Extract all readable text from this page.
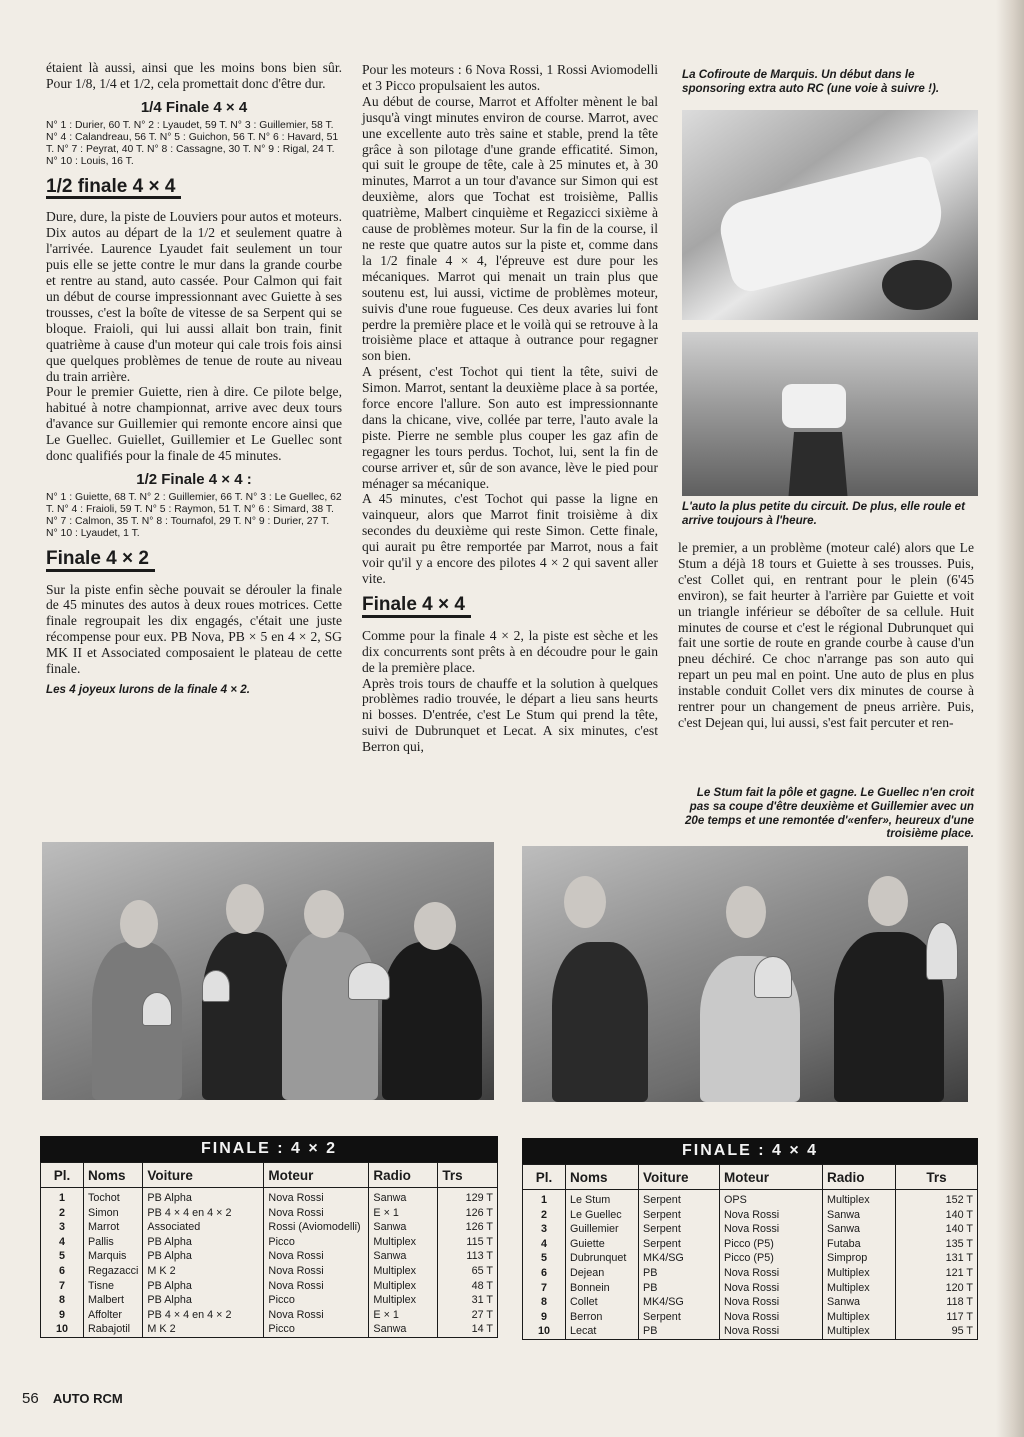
étaient là aussi, ainsi que les moins bons bien sûr. Pour 1/8, 1/4 et 1/2, cela promettait donc d'être dur.

1/4 Finale 4 × 4

N° 1 : Durier, 60 T. N° 2 : Lyaudet, 59 T. N° 3 : Guillemier, 58 T. N° 4 : Calandreau, 56 T. N° 5 : Guichon, 56 T. N° 6 : Havard, 51 T. N° 7 : Peyrat, 40 T. N° 8 : Cassagne, 30 T. N° 9 : Rigal, 24 T. N° 10 : Louis, 16 T.

1/2 finale 4 × 4

Dure, dure, la piste de Louviers pour autos et moteurs. Dix autos au départ de la 1/2 et seulement quatre à l'arrivée. Laurence Lyaudet fait seulement un tour puis elle se jette contre le mur dans la grande courbe et rentre au stand, auto cassée. Pour Calmon qui fait un début de course impressionnant avec Guiette à ses trousses, c'est la boîte de vitesse de sa Serpent qui se bloque. Fraioli, qui lui aussi allait bon train, finit quatrième à cause d'un moteur qui cale trois fois ainsi que quelques problèmes de tenue de route au niveau du train arrière.

Pour le premier Guiette, rien à dire. Ce pilote belge, habitué à notre championnat, arrive avec deux tours d'avance sur Guillemier qui remonte encore ainsi que Le Guellec. Guiellet, Guillemier et Le Guellec sont donc qualifiés pour la finale de 45 minutes.

1/2 Finale 4 × 4 :

N° 1 : Guiette, 68 T. N° 2 : Guillemier, 66 T. N° 3 : Le Guellec, 62 T. N° 4 : Fraioli, 59 T. N° 5 : Raymon, 51 T. N° 6 : Simard, 38 T. N° 7 : Calmon, 35 T. N° 8 : Tournafol, 29 T. N° 9 : Durier, 27 T. N° 10 : Lyaudet, 1 T.

Finale 4 × 2

Sur la piste enfin sèche pouvait se dérouler la finale de 45 minutes des autos à deux roues motrices. Cette finale regroupait les dix engagés, c'était une juste récompense pour eux. PB Nova, PB × 5 en 4 × 2, SG MK II et Associated composaient le plateau de cette finale.

Les 4 joyeux lurons de la finale 4 × 2.

Pour les moteurs : 6 Nova Rossi, 1 Rossi Aviomodelli et 3 Picco propulsaient les autos.

Au début de course, Marrot et Affolter mènent le bal jusqu'à vingt minutes environ de course. Marrot, avec une excellente auto très saine et stable, prend la tête grâce à son pilotage d'une grande efficatité. Simon, qui suit le groupe de tête, cale à 25 minutes et, à 30 minutes, Marrot a un tour d'avance sur Simon qui est deuxième, alors que Tochat est troisième, Pallis quatrième, Malbert cinquième et Regazicci sixième à cause de problèmes moteur. Sur la fin de la course, il ne reste que quatre autos sur la piste et, comme dans la 1/2 finale 4 × 4, l'épreuve est dure pour les mécaniques. Marrot qui menait un train plus que soutenu est, lui aussi, victime de problèmes moteur, suivis d'une roue fugueuse. Ces deux avaries lui font perdre la première place et le voilà qui se retrouve à la troisième place et attaque à outrance pour regagner son bien.

A présent, c'est Tochot qui tient la tête, suivi de Simon. Marrot, sentant la deuxième place à sa portée, force encore l'allure. Son auto est impressionnante dans la chicane, vive, collée par terre, l'auto avale la piste. Pierre ne semble plus couper les gaz afin de regagner les tours perdus. Tochot, lui, sent la fin de course arriver et, sûr de son avance, lève le pied pour ménager sa mécanique.

A 45 minutes, c'est Tochot qui passe la ligne en vainqueur, alors que Marrot finit troisième à dix secondes du deuxième qui reste Simon. Cette finale, qui aurait pu être remportée par Marrot, nous a fait voir qu'il y a encore des pilotes 4 × 2 qui savent aller vite.

Finale 4 × 4

Comme pour la finale 4 × 2, la piste est sèche et les dix concurrents sont prêts à en découdre pour le gain de la première place.

Après trois tours de chauffe et la solution à quelques problèmes radio trouvée, le départ a lieu sans heurts ni bosses. D'entrée, c'est Le Stum qui prend la tête, suivi de Dubrunquet et Lecat. A six minutes, c'est Berron qui,

La Cofiroute de Marquis. Un début dans le sponsoring extra auto RC (une voie à suivre !).
L'auto la plus petite du circuit. De plus, elle roule et arrive toujours à l'heure.

le premier, a un problème (moteur calé) alors que Le Stum a déjà 18 tours et Guiette à ses trousses. Puis, c'est Collet qui, en rentrant pour le plein (6'45 environ), se fait heurter à l'arrière par Guiette et voit un triangle inférieur se déboîter de sa cellule. Huit minutes de course et c'est le régional Dubrunquet qui fait une sortie de route en grande courbe à cause d'un pneu déchiré. Ce choc n'arrange pas son auto qui repart un peu mal en point. Une auto de plus en plus instable conduit Collet vers dix minutes de course à rentrer pour un changement de pneus arrière. Puis, c'est Dejean qui, lui aussi, s'est fait percuter et ren-

Le Stum fait la pôle et gagne. Le Guellec n'en croit pas sa coupe d'être deuxième et Guillemier avec un 20e temps et une remontée d'«enfer», heureux d'une troisième place.
FINALE : 4 × 2
Pl.	Noms	Voiture	Moteur	Radio	Trs
1	Tochot	PB Alpha	Nova Rossi	Sanwa	129 T
2	Simon	PB 4 × 4 en 4 × 2	Nova Rossi	E × 1	126 T
3	Marrot	Associated	Rossi (Aviomodelli)	Sanwa	126 T
4	Pallis	PB Alpha	Picco	Multiplex	115 T
5	Marquis	PB Alpha	Nova Rossi	Sanwa	113 T
6	Regazacci	M K 2	Nova Rossi	Multiplex	65 T
7	Tisne	PB Alpha	Nova Rossi	Multiplex	48 T
8	Malbert	PB Alpha	Picco	Multiplex	31 T
9	Affolter	PB 4 × 4 en 4 × 2	Nova Rossi	E × 1	27 T
10	Rabajotil	M K 2	Picco	Sanwa	14 T
FINALE : 4 × 4
Pl.	Noms	Voiture	Moteur	Radio	Trs
1	Le Stum	Serpent	OPS	Multiplex	152 T
2	Le Guellec	Serpent	Nova Rossi	Sanwa	140 T
3	Guillemier	Serpent	Nova Rossi	Sanwa	140 T
4	Guiette	Serpent	Picco (P5)	Futaba	135 T
5	Dubrunquet	MK4/SG	Picco (P5)	Simprop	131 T
6	Dejean	PB	Nova Rossi	Multiplex	121 T
7	Bonnein	PB	Nova Rossi	Multiplex	120 T
8	Collet	MK4/SG	Nova Rossi	Sanwa	118 T
9	Berron	Serpent	Nova Rossi	Multiplex	117 T
10	Lecat	PB	Nova Rossi	Multiplex	95 T
56 AUTO RCM
